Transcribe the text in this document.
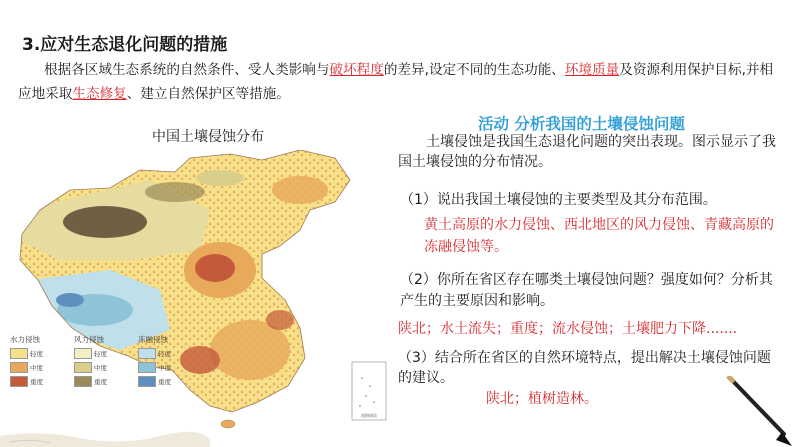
3.应对生态退化问题的措施
根据各区域生态系统的自然条件、受人类影响与破坏程度的差异,设定不同的生态功能、环境质量及资源利用保护目标,并相应地采取生态修复、建立自然保护区等措施。
中国土壤侵蚀分布
南海诸岛
水力侵蚀	风力侵蚀	冻融侵蚀
轻度
中度
重度
轻度
中度
重度
轻度
中度
重度
活动 分析我国的土壤侵蚀问题
土壤侵蚀是我国生态退化问题的突出表现。图示显示了我国土壤侵蚀的分布情况。
（1）说出我国土壤侵蚀的主要类型及其分布范围。
黄土高原的水力侵蚀、西北地区的风力侵蚀、青藏高原的冻融侵蚀等。
（2）你所在省区存在哪类土壤侵蚀问题？强度如何？分析其产生的主要原因和影响。
陕北；水土流失；重度；流水侵蚀；土壤肥力下降.......
（3）结合所在省区的自然环境特点，提出解决土壤侵蚀问题的建议。
陕北；植树造林。
